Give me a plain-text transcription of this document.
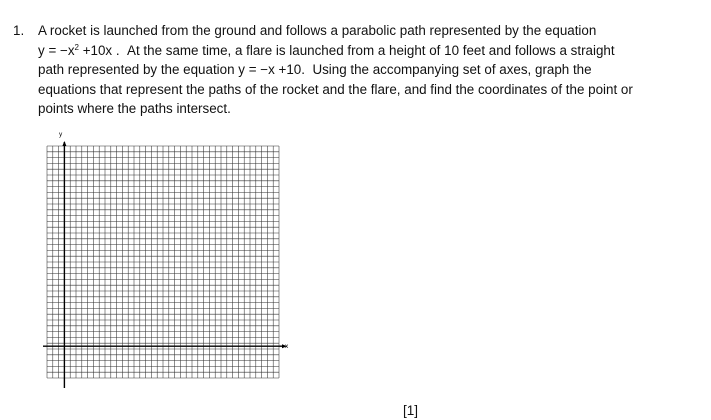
1. A rocket is launched from the ground and follows a parabolic path represented by the equation
$y = -x^2 +10x$ . At the same time, a flare is launched from a height of 10 feet and follows a straight
path represented by the equation y = −x +10. Using the accompanying set of axes, graph the
equations that represent the paths of the rocket and the flare, and find the coordinates of the point or
points where the paths intersect.
y
x
[1]
